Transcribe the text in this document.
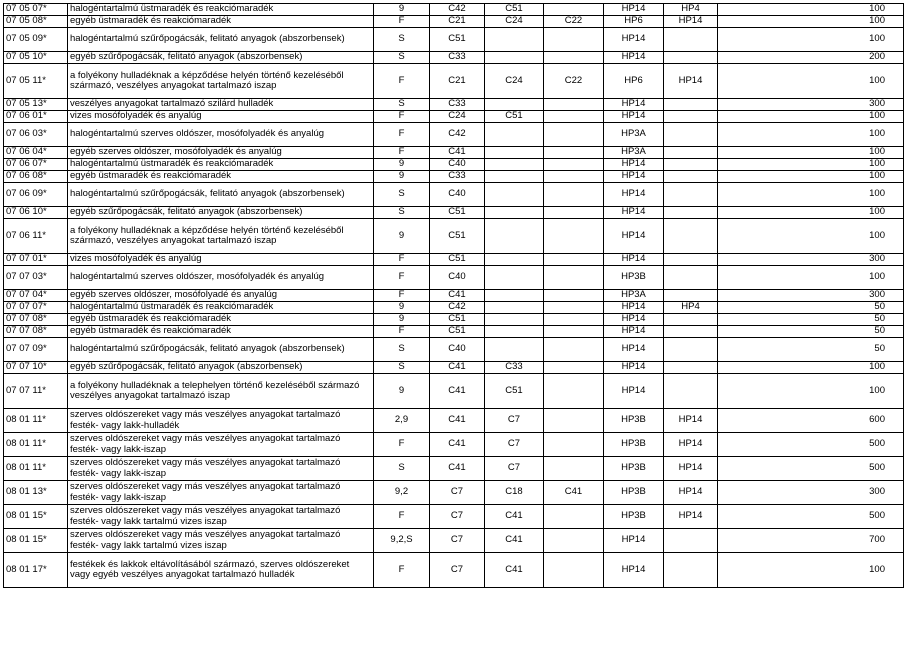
07 05 07*	halogéntartalmú üstmaradék és reakciómaradék	9	C42	C51		HP14	HP4	100
07 05 08*	egyéb üstmaradék és reakciómaradék	F	C21	C24	C22	HP6	HP14	100
07 05 09*	halogéntartalmú szűrőpogácsák, felitató anyagok (abszorbensek)	S	C51			HP14		100
07 05 10*	egyéb szűrőpogácsák, felitató anyagok (abszorbensek)	S	C33			HP14		200
07 05 11*	a folyékony hulladéknak a képződése helyén történő kezeléséből származó, veszélyes anyagokat tartalmazó iszap	F	C21	C24	C22	HP6	HP14	100
07 05 13*	veszélyes anyagokat tartalmazó szilárd hulladék	S	C33			HP14		300
07 06 01*	vizes mosófolyadék és anyalúg	F	C24	C51		HP14		100
07 06 03*	halogéntartalmú szerves oldószer, mosófolyadék és anyalúg	F	C42			HP3A		100
07 06 04*	egyéb szerves oldószer, mosófolyadék és anyalúg	F	C41			HP3A		100
07 06 07*	halogéntartalmú üstmaradék és reakciómaradék	9	C40			HP14		100
07 06 08*	egyéb üstmaradék és reakciómaradék	9	C33			HP14		100
07 06 09*	halogéntartalmú szűrőpogácsák, felitató anyagok (abszorbensek)	S	C40			HP14		100
07 06 10*	egyéb szűrőpogácsák, felitató anyagok (abszorbensek)	S	C51			HP14		100
07 06 11*	a folyékony hulladéknak a képződése helyén történő kezeléséből származó, veszélyes anyagokat tartalmazó iszap	9	C51			HP14		100
07 07 01*	vizes mosófolyadék és anyalúg	F	C51			HP14		300
07 07 03*	halogéntartalmú szerves oldószer, mosófolyadék és anyalúg	F	C40			HP3B		100
07 07 04*	egyéb szerves oldószer, mosófolyadé és anyalúg	F	C41			HP3A		300
07 07 07*	halogéntartalmú üstmaradék és reakciómaradék	9	C42			HP14	HP4	50
07 07 08*	egyéb üstmaradék és reakciómaradék	9	C51			HP14		50
07 07 08*	egyéb üstmaradék és reakciómaradék	F	C51			HP14		50
07 07 09*	halogéntartalmú szűrőpogácsák, felitató anyagok (abszorbensek)	S	C40			HP14		50
07 07 10*	egyéb szűrőpogácsák, felitató anyagok (abszorbensek)	S	C41	C33		HP14		100
07 07 11*	a folyékony hulladéknak a telephelyen történő kezeléséből származó veszélyes anyagokat tartalmazó iszap	9	C41	C51		HP14		100
08 01 11*	szerves oldószereket vagy más veszélyes anyagokat tartalmazó festék- vagy lakk-hulladék	2,9	C41	C7		HP3B	HP14	600
08 01 11*	szerves oldószereket vagy más veszélyes anyagokat tartalmazó festék- vagy lakk-iszap	F	C41	C7		HP3B	HP14	500
08 01 11*	szerves oldószereket vagy más veszélyes anyagokat tartalmazó festék- vagy lakk-iszap	S	C41	C7		HP3B	HP14	500
08 01 13*	szerves oldószereket vagy más veszélyes anyagokat tartalmazó festék- vagy lakk-iszap	9,2	C7	C18	C41	HP3B	HP14	300
08 01 15*	szerves oldószereket vagy más veszélyes anyagokat tartalmazó festék- vagy lakk tartalmú vizes iszap	F	C7	C41		HP3B	HP14	500
08 01 15*	szerves oldószereket vagy más veszélyes anyagokat tartalmazó festék- vagy lakk tartalmú vizes iszap	9,2,S	C7	C41		HP14		700
08 01 17*	festékek és lakkok eltávolításából származó, szerves oldószereket vagy egyéb veszélyes anyagokat tartalmazó hulladék	F	C7	C41		HP14		100
